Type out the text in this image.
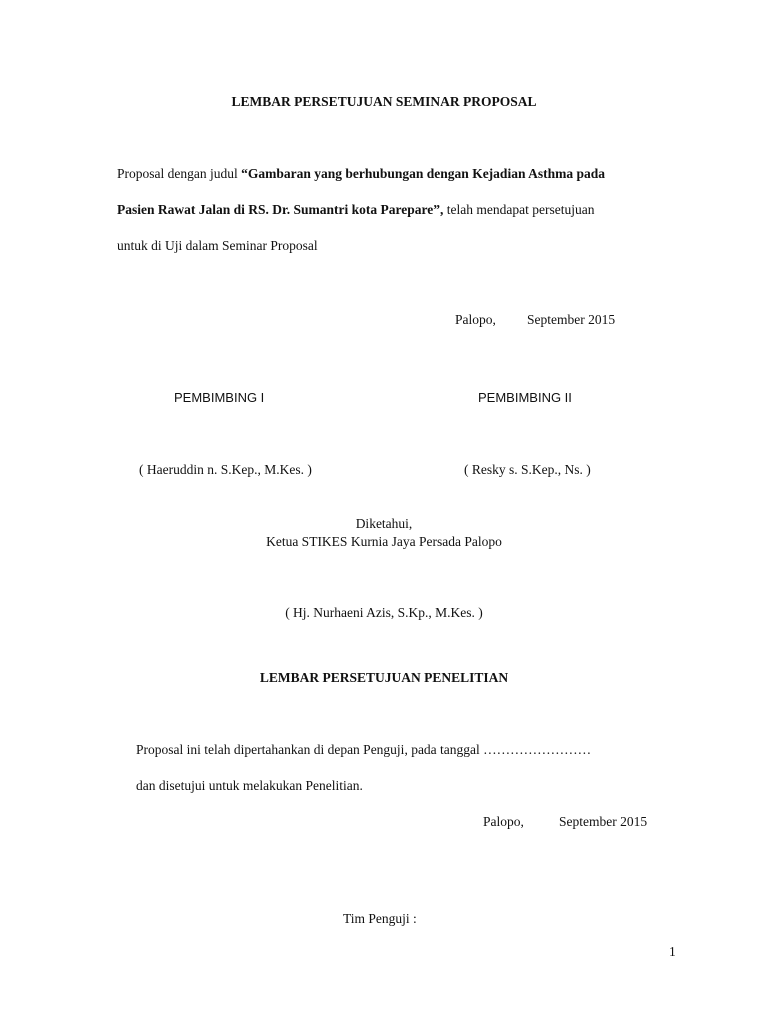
LEMBAR PERSETUJUAN SEMINAR PROPOSAL
Proposal dengan judul “Gambaran yang berhubungan dengan Kejadian Asthma pada
Pasien Rawat Jalan di RS. Dr. Sumantri kota Parepare”, telah mendapat persetujuan
untuk di Uji dalam Seminar Proposal
Palopo, September 2015
PEMBIMBING I	PEMBIMBING II
( Haeruddin n. S.Kep., M.Kes. )	( Resky s. S.Kep., Ns. )
Diketahui,
Ketua STIKES Kurnia Jaya Persada Palopo
( Hj. Nurhaeni Azis, S.Kp., M.Kes. )
LEMBAR PERSETUJUAN PENELITIAN
Proposal ini telah dipertahankan di depan Penguji, pada tanggal ……………………
dan disetujui untuk melakukan Penelitian.
Palopo,	September 2015
Tim Penguji :
1
